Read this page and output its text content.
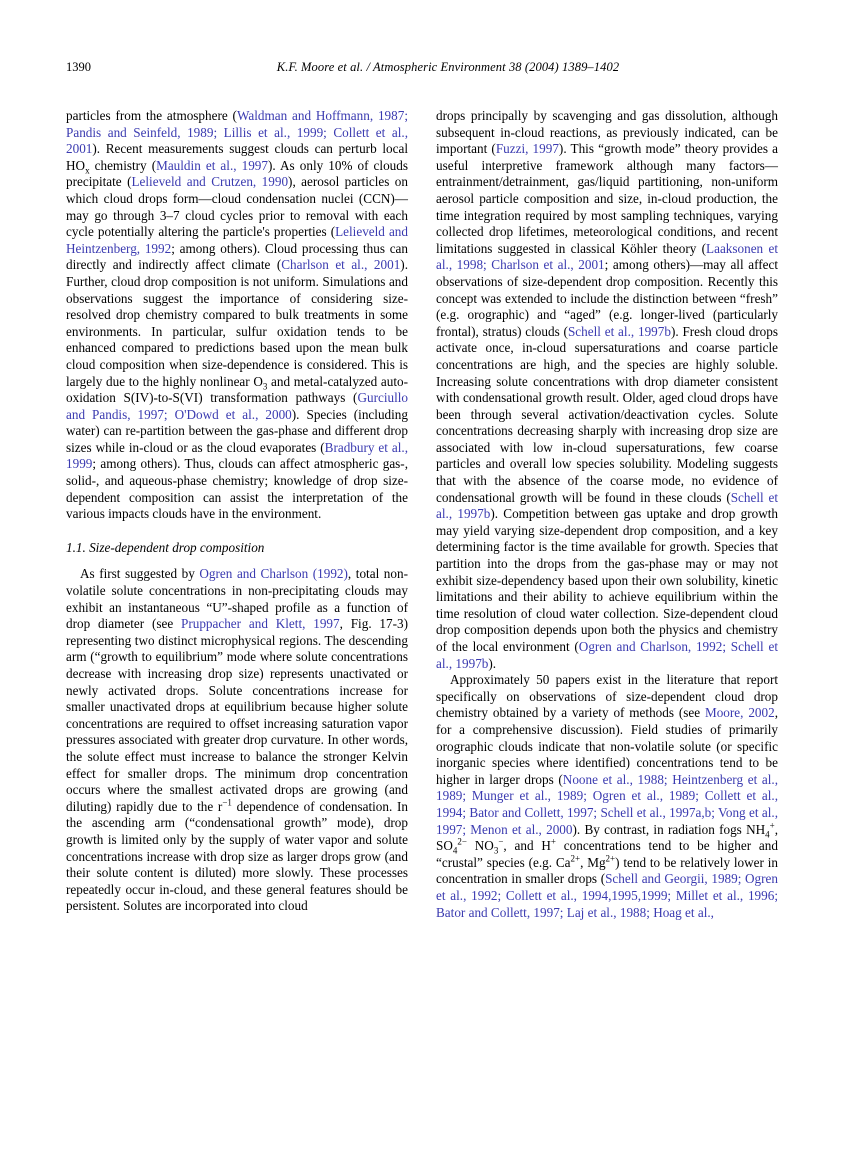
1390	K.F. Moore et al. / Atmospheric Environment 38 (2004) 1389–1402

particles from the atmosphere (Waldman and Hoffmann, 1987; Pandis and Seinfeld, 1989; Lillis et al., 1999; Collett et al., 2001). Recent measurements suggest clouds can perturb local $HO_x$ chemistry (Mauldin et al., 1997). As only 10% of clouds precipitate (Lelieveld and Crutzen, 1990), aerosol particles on which cloud drops form—cloud condensation nuclei (CCN)—may go through 3–7 cloud cycles prior to removal with each cycle potentially altering the particle's properties (Lelieveld and Heintzenberg, 1992; among others). Cloud processing thus can directly and indirectly affect climate (Charlson et al., 2001). Further, cloud drop composition is not uniform. Simulations and observations suggest the importance of considering size-resolved drop chemistry compared to bulk treatments in some environments. In particular, sulfur oxidation tends to be enhanced compared to predictions based upon the mean bulk cloud composition when size-dependence is considered. This is largely due to the highly nonlinear $O_3$ and metal-catalyzed auto-oxidation S(IV)-to-S(VI) transformation pathways (Gurciullo and Pandis, 1997; O'Dowd et al., 2000). Species (including water) can re-partition between the gas-phase and different drop sizes while in-cloud or as the cloud evaporates (Bradbury et al., 1999; among others). Thus, clouds can affect atmospheric gas-, solid-, and aqueous-phase chemistry; knowledge of drop size-dependent composition can assist the interpretation of the various impacts clouds have in the environment.

1.1. Size-dependent drop composition

As first suggested by Ogren and Charlson (1992), total non-volatile solute concentrations in non-precipitating clouds may exhibit an instantaneous “U”-shaped profile as a function of drop diameter (see Pruppacher and Klett, 1997, Fig. 17-3) representing two distinct microphysical regions. The descending arm (“growth to equilibrium” mode where solute concentrations decrease with increasing drop size) represents unactivated or newly activated drops. Solute concentrations increase for smaller unactivated drops at equilibrium because higher solute concentrations are required to offset increasing saturation vapor pressures associated with greater drop curvature. In other words, the solute effect must increase to balance the stronger Kelvin effect for smaller drops. The minimum drop concentration occurs where the smallest activated drops are growing (and diluting) rapidly due to the $r^{-1}$ dependence of condensation. In the ascending arm (“condensational growth” mode), drop growth is limited only by the supply of water vapor and solute concentrations increase with drop size as larger drops grow (and their solute content is diluted) more slowly. These processes repeatedly occur in-cloud, and these general features should be persistent. Solutes are incorporated into cloud

drops principally by scavenging and gas dissolution, although subsequent in-cloud reactions, as previously indicated, can be important (Fuzzi, 1997). This “growth mode” theory provides a useful interpretive framework although many factors—entrainment/detrainment, gas/liquid partitioning, non-uniform aerosol particle composition and size, in-cloud production, the time integration required by most sampling techniques, varying collected drop lifetimes, meteorological conditions, and recent limitations suggested in classical Köhler theory (Laaksonen et al., 1998; Charlson et al., 2001; among others)—may all affect observations of size-dependent drop composition. Recently this concept was extended to include the distinction between “fresh” (e.g. orographic) and “aged” (e.g. longer-lived (particularly frontal), stratus) clouds (Schell et al., 1997b). Fresh cloud drops activate once, in-cloud supersaturations and coarse particle concentrations are high, and the species are highly soluble. Increasing solute concentrations with drop diameter consistent with condensational growth result. Older, aged cloud drops have been through several activation/deactivation cycles. Solute concentrations decreasing sharply with increasing drop size are associated with low in-cloud supersaturations, few coarse particles and overall low species solubility. Modeling suggests that with the absence of the coarse mode, no evidence of condensational growth will be found in these clouds (Schell et al., 1997b). Competition between gas uptake and drop growth may yield varying size-dependent drop composition, and a key determining factor is the time available for growth. Species that partition into the drops from the gas-phase may or may not exhibit size-dependency based upon their own solubility, kinetic limitations and their ability to achieve equilibrium within the time resolution of cloud water collection. Size-dependent cloud drop composition depends upon both the physics and chemistry of the local environment (Ogren and Charlson, 1992; Schell et al., 1997b).

Approximately 50 papers exist in the literature that report specifically on observations of size-dependent cloud drop chemistry obtained by a variety of methods (see Moore, 2002, for a comprehensive discussion). Field studies of primarily orographic clouds indicate that non-volatile solute (or specific inorganic species where identified) concentrations tend to be higher in larger drops (Noone et al., 1988; Heintzenberg et al., 1989; Munger et al., 1989; Ogren et al., 1989; Collett et al., 1994; Bator and Collett, 1997; Schell et al., 1997a,b; Vong et al., 1997; Menon et al., 2000). By contrast, in radiation fogs $NH_4^+$, $SO_4^{2-}$ $NO_3^-$, and H+ concentrations tend to be higher and “crustal” species (e.g. $Ca^{2+}$, $Mg^{2+}$) tend to be relatively lower in concentration in smaller drops (Schell and Georgii, 1989; Ogren et al., 1992; Collett et al., 1994,1995,1999; Millet et al., 1996; Bator and Collett, 1997; Laj et al., 1988; Hoag et al.,
